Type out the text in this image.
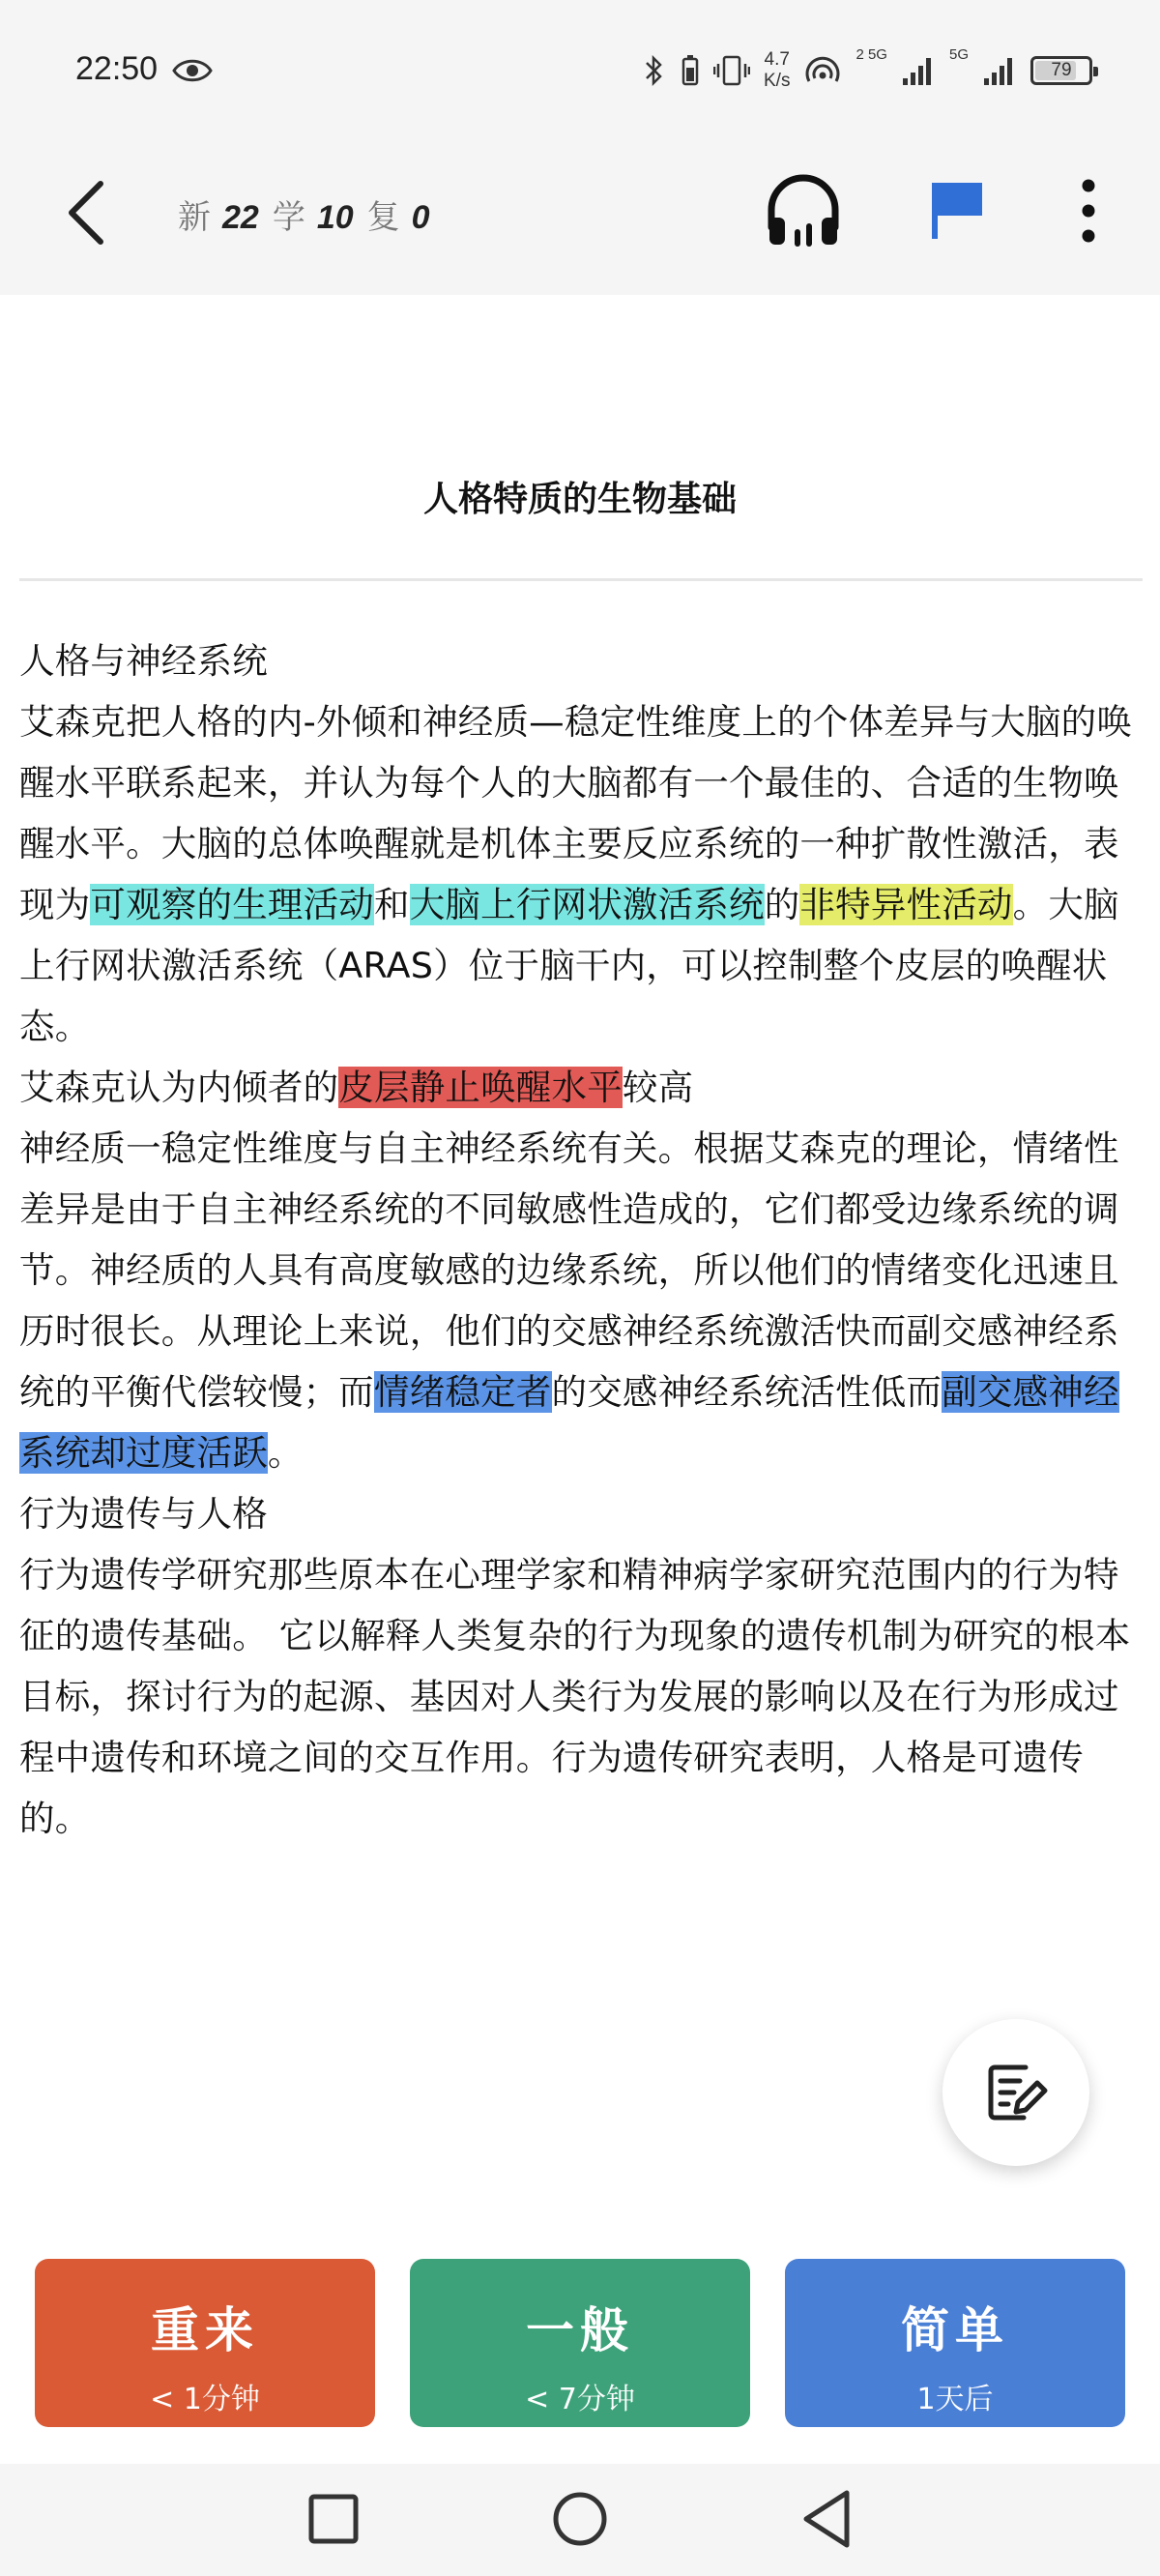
22:50	4.7
K/s
2 5G	5G
79
新 22 学 10 复 0
人格特质的生物基础

人格与神经系统

艾森克把人格的内-外倾和神经质—稳定性维度上的个体差异与大脑的唤醒水平联系起来，并认为每个人的大脑都有一个最佳的、合适的生物唤醒水平。大脑的总体唤醒就是机体主要反应系统的一种扩散性激活，表现为可观察的生理活动和大脑上行网状激活系统的非特异性活动。大脑上行网状激活系统（ARAS）位于脑干内，可以控制整个皮层的唤醒状态。

艾森克认为内倾者的皮层静止唤醒水平较高

神经质一稳定性维度与自主神经系统有关。根据艾森克的理论，情绪性差异是由于自主神经系统的不同敏感性造成的，它们都受边缘系统的调节。神经质的人具有高度敏感的边缘系统，所以他们的情绪变化迅速且历时很长。从理论上来说，他们的交感神经系统激活快而副交感神经系统的平衡代偿较慢；而情绪稳定者的交感神经系统活性低而副交感神经系统却过度活跃。

行为遗传与人格

行为遗传学研究那些原本在心理学家和精神病学家研究范围内的行为特征的遗传基础。 它以解释人类复杂的行为现象的遗传机制为研究的根本目标，探讨行为的起源、基因对人类行为发展的影响以及在行为形成过程中遗传和环境之间的交互作用。行为遗传研究表明，人格是可遗传的。

重来
< 1分钟
一般
< 7分钟
简单
1天后
